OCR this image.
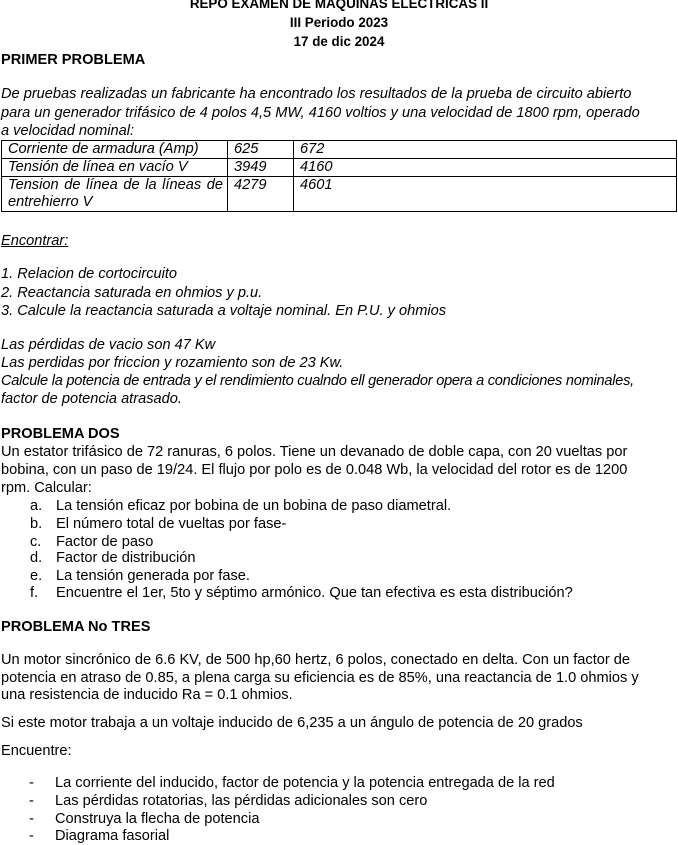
REPO EXAMEN DE MAQUINAS ELECTRICAS II
III Periodo 2023
17 de dic 2024
PRIMER PROBLEMA
De pruebas realizadas un fabricante ha encontrado los resultados de la prueba de circuito abierto
para un generador trifásico de 4 polos 4,5 MW, 4160 voltios y una velocidad de 1800 rpm, operado
a velocidad nominal:
Corriente de armadura (Amp)	625	672
Tensión de línea en vacío V	3949	4160
Tension de línea de la líneas de entrehierro V	4279	4601
Encontrar:
1. Relacion de cortocircuito
2. Reactancia saturada en ohmios y p.u.
3. Calcule la reactancia saturada a voltaje nominal. En P.U. y ohmios
Las pérdidas de vacio son 47 Kw
Las perdidas por friccion y rozamiento son de 23 Kw.
Calcule la potencia de entrada y el rendimiento cualndo ell generador opera a condiciones nominales,
factor de potencia atrasado.
PROBLEMA DOS
Un estator trifásico de 72 ranuras, 6 polos. Tiene un devanado de doble capa, con 20 vueltas por
bobina, con un paso de 19/24. El flujo por polo es de 0.048 Wb, la velocidad del rotor es de 1200
rpm. Calcular:
a. La tensión eficaz por bobina de un bobina de paso diametral.
b. El número total de vueltas por fase-
c. Factor de paso
d. Factor de distribución
e. La tensión generada por fase.
f. Encuentre el 1er, 5to y séptimo armónico. Que tan efectiva es esta distribución?
PROBLEMA No TRES
Un motor sincrónico de 6.6 KV, de 500 hp,60 hertz, 6 polos, conectado en delta. Con un factor de
potencia en atraso de 0.85, a plena carga su eficiencia es de 85%, una reactancia de 1.0 ohmios y
una resistencia de inducido Ra = 0.1 ohmios.
Si este motor trabaja a un voltaje inducido de 6,235 a un ángulo de potencia de 20 grados
Encuentre:
- La corriente del inducido, factor de potencia y la potencia entregada de la red
- Las pérdidas rotatorias, las pérdidas adicionales son cero
- Construya la flecha de potencia
- Diagrama fasorial
